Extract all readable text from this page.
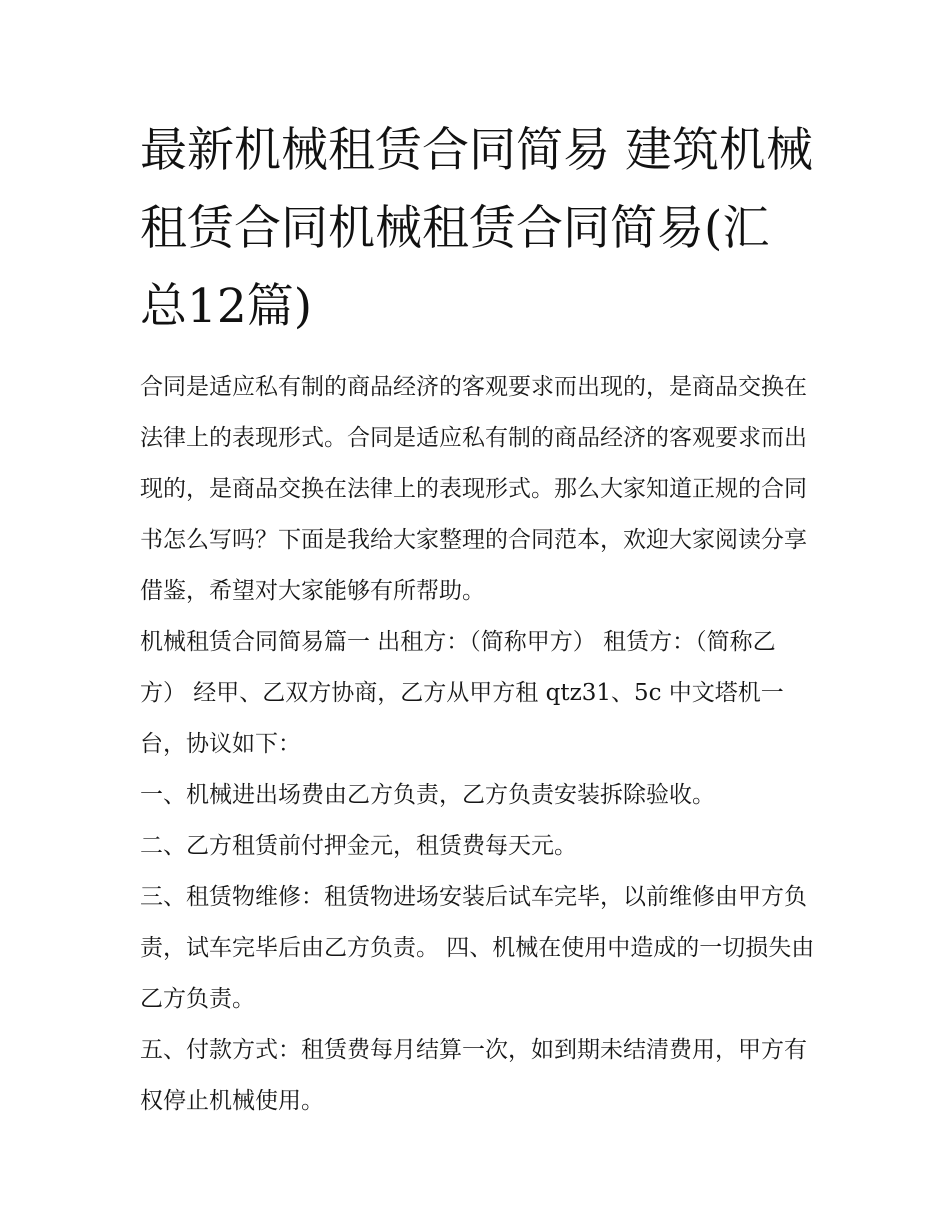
最新机械租赁合同简易 建筑机械租赁合同机械租赁合同简易(汇总12篇)

合同是适应私有制的商品经济的客观要求而出现的，是商品交换在法律上的表现形式。合同是适应私有制的商品经济的客观要求而出现的，是商品交换在法律上的表现形式。那么大家知道正规的合同书怎么写吗？下面是我给大家整理的合同范本，欢迎大家阅读分享借鉴，希望对大家能够有所帮助。

机械租赁合同简易篇一 出租方：（简称甲方） 租赁方：（简称乙方） 经甲、乙双方协商，乙方从甲方租 qtz31、5c 中文塔机一台，协议如下：

一、机械进出场费由乙方负责，乙方负责安装拆除验收。

二、乙方租赁前付押金元，租赁费每天元。

三、租赁物维修：租赁物进场安装后试车完毕，以前维修由甲方负责，试车完毕后由乙方负责。 四、机械在使用中造成的一切损失由乙方负责。

五、付款方式：租赁费每月结算一次，如到期未结清费用，甲方有权停止机械使用。
